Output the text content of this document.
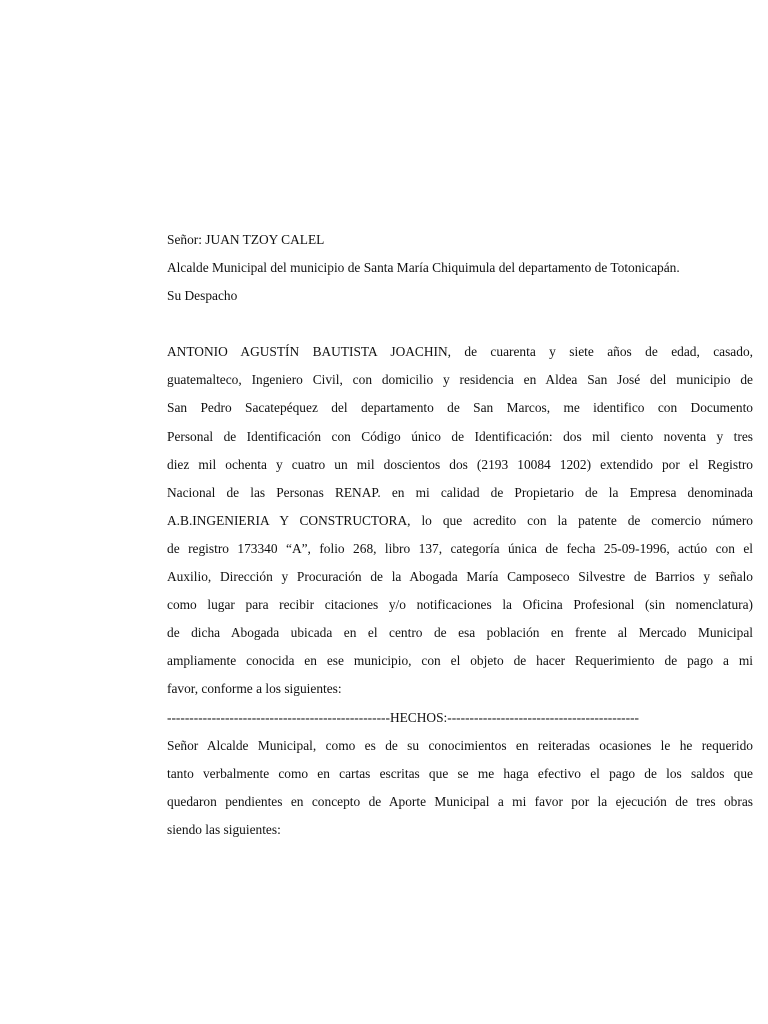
Señor: JUAN TZOY CALEL

Alcalde Municipal del municipio de Santa María Chiquimula del departamento de Totonicapán.

Su Despacho

ANTONIO AGUSTÍN BAUTISTA JOACHIN, de cuarenta y siete años de edad, casado,

guatemalteco, Ingeniero Civil, con domicilio y residencia en Aldea San José del municipio de

San Pedro Sacatepéquez del departamento de San Marcos, me identifico con Documento

Personal de Identificación con Código único de Identificación: dos mil ciento noventa y tres

diez mil ochenta y cuatro un mil doscientos dos (2193 10084 1202) extendido por el Registro

Nacional de las Personas RENAP. en mi calidad de Propietario de la Empresa denominada

A.B.INGENIERIA Y CONSTRUCTORA, lo que acredito con la patente de comercio número

de registro 173340 “A”, folio 268, libro 137, categoría única de fecha 25-09-1996, actúo con el

Auxilio, Dirección y Procuración de la Abogada María Camposeco Silvestre de Barrios y señalo

como lugar para recibir citaciones y/o notificaciones la Oficina Profesional (sin nomenclatura)

de dicha Abogada ubicada en el centro de esa población en frente al Mercado Municipal

ampliamente conocida en ese municipio, con el objeto de hacer Requerimiento de pago a mi

favor, conforme a los siguientes:

--------------------------------------------------HECHOS:-------------------------------------------

Señor Alcalde Municipal, como es de su conocimientos en reiteradas ocasiones le he requerido

tanto verbalmente como en cartas escritas que se me haga efectivo el pago de los saldos que

quedaron pendientes en concepto de Aporte Municipal a mi favor por la ejecución de tres obras

siendo las siguientes:
